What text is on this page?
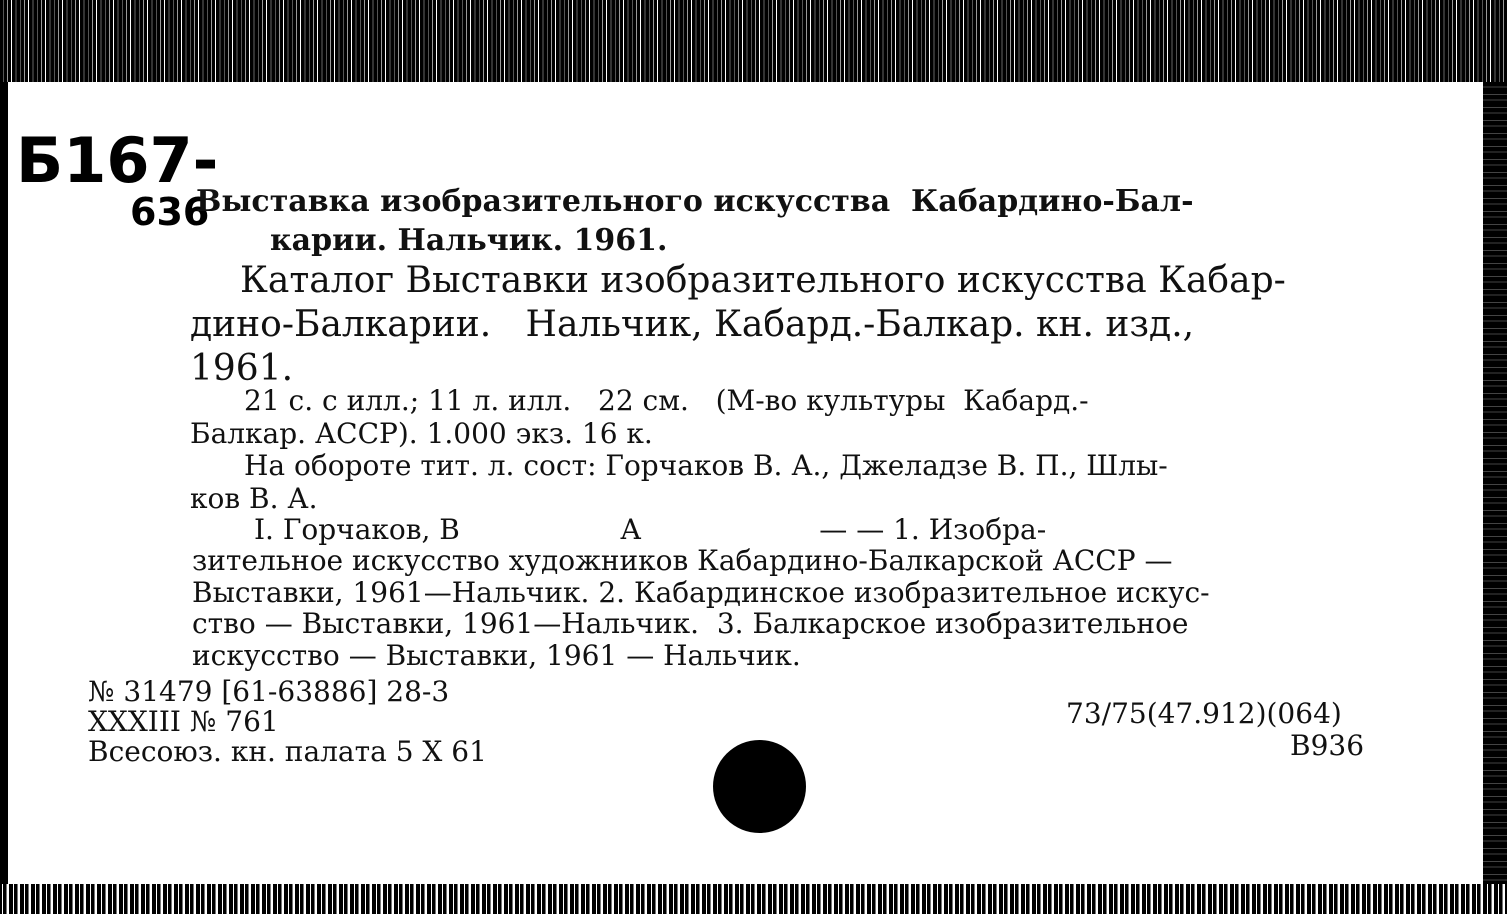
Б167-
636
Выставка изобразительного искусства  Кабардино-Бал-
карии. Нальчик. 1961.
Каталог Выставки изобразительного искусства Кабар-
дино-Балкарии.   Нальчик, Кабард.-Балкар. кн. изд.,
1961.
21 с. с илл.; 11 л. илл.   22 см.   (М-во культуры  Кабард.-
Балкар. АССР). 1.000 экз. 16 к.
На обороте тит. л. сост: Горчаков В. А., Джеладзе В. П., Шлы-
ков В. А.
I. Горчаков, В                  А                    — — 1. Изобра-
зительное искусство художников Кабардино-Балкарской АССР —
Выставки, 1961—Нальчик. 2. Кабардинское изобразительное искус-
ство — Выставки, 1961—Нальчик.  3. Балкарское изобразительное
искусство — Выставки, 1961 — Нальчик.
№ 31479 [61-63886] 28-3
XXXIII № 761
Всесоюз. кн. палата 5 X 61
73/75(47.912)(064)
В936
